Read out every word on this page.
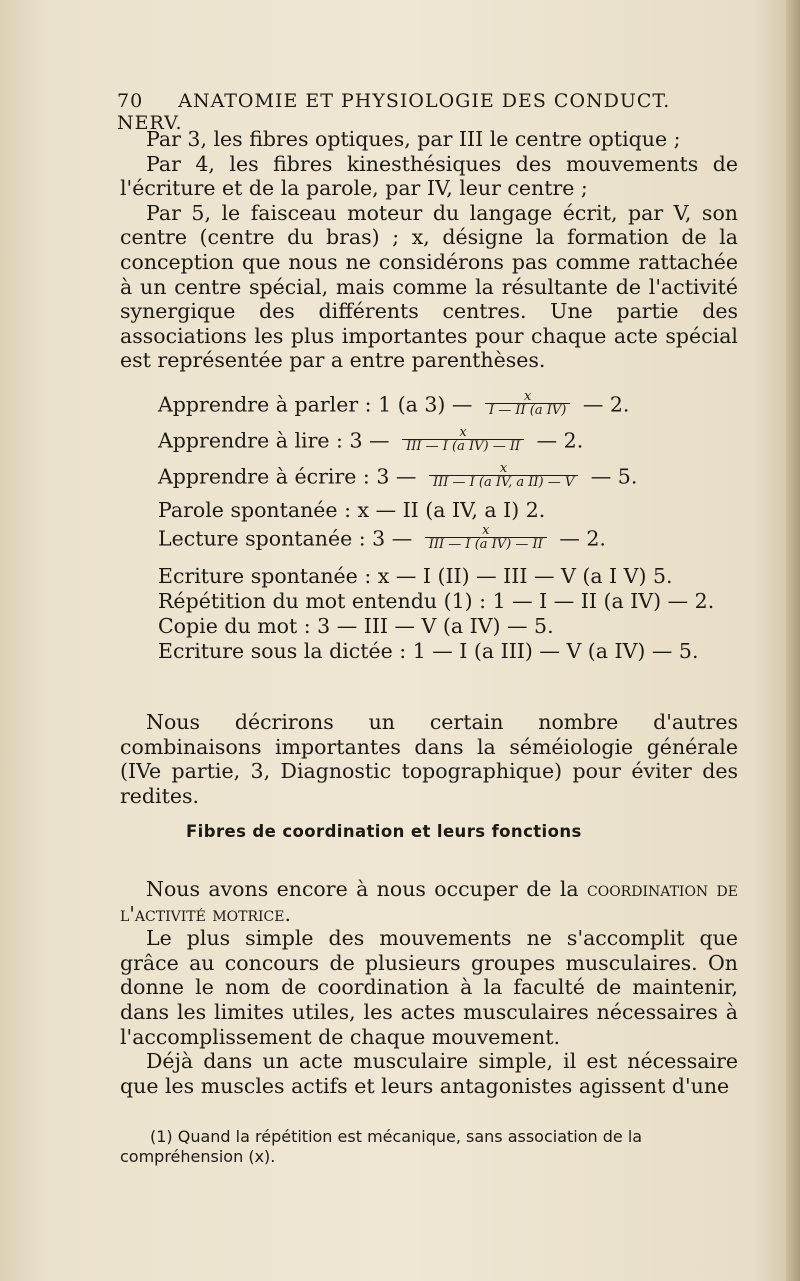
70 ANATOMIE ET PHYSIOLOGIE DES CONDUCT. NERV.

Par 3, les fibres optiques, par III le centre optique ;

Par 4, les fibres kinesthésiques des mouvements de l'écriture et de la parole, par IV, leur centre ;

Par 5, le faisceau moteur du langage écrit, par V, son centre (centre du bras) ; x, désigne la formation de la conception que nous ne considérons pas comme rattachée à un centre spécial, mais comme la résultante de l'activité synergique des différents centres. Une partie des associations les plus importantes pour chaque acte spécial est représentée par a entre parenthèses.

Apprendre à parler : 1 (a 3) — $\frac{x}{\text{I — II (a IV)}}$ — 2.
Apprendre à lire : 3 — $\frac{x}{\text{III — I (a IV) — II}}$ — 2.
Apprendre à écrire : 3 — $\frac{x}{\text{III — I (a IV, a II) — V}}$ — 5.
Parole spontanée : x — II (a IV, a I) 2.
Lecture spontanée : 3 — $\frac{x}{\text{III — I (a IV) — II}}$ — 2.
Ecriture spontanée : x — I (II) — III — V (a I V) 5.
Répétition du mot entendu (1) : 1 — I — II (a IV) — 2.
Copie du mot : 3 — III — V (a IV) — 5.
Ecriture sous la dictée : 1 — I (a III) — V (a IV) — 5.

Nous décrirons un certain nombre d'autres combinaisons importantes dans la séméiologie générale (IVe partie, 3, Diagnostic topographique) pour éviter des redites.

Fibres de coordination et leurs fonctions

Nous avons encore à nous occuper de la coordination de l'activité motrice.

Le plus simple des mouvements ne s'accomplit que grâce au concours de plusieurs groupes musculaires. On donne le nom de coordination à la faculté de maintenir, dans les limites utiles, les actes musculaires nécessaires à l'accomplissement de chaque mouvement.

Déjà dans un acte musculaire simple, il est nécessaire que les muscles actifs et leurs antagonistes agissent d'une

(1) Quand la répétition est mécanique, sans association de la compréhension (x).
